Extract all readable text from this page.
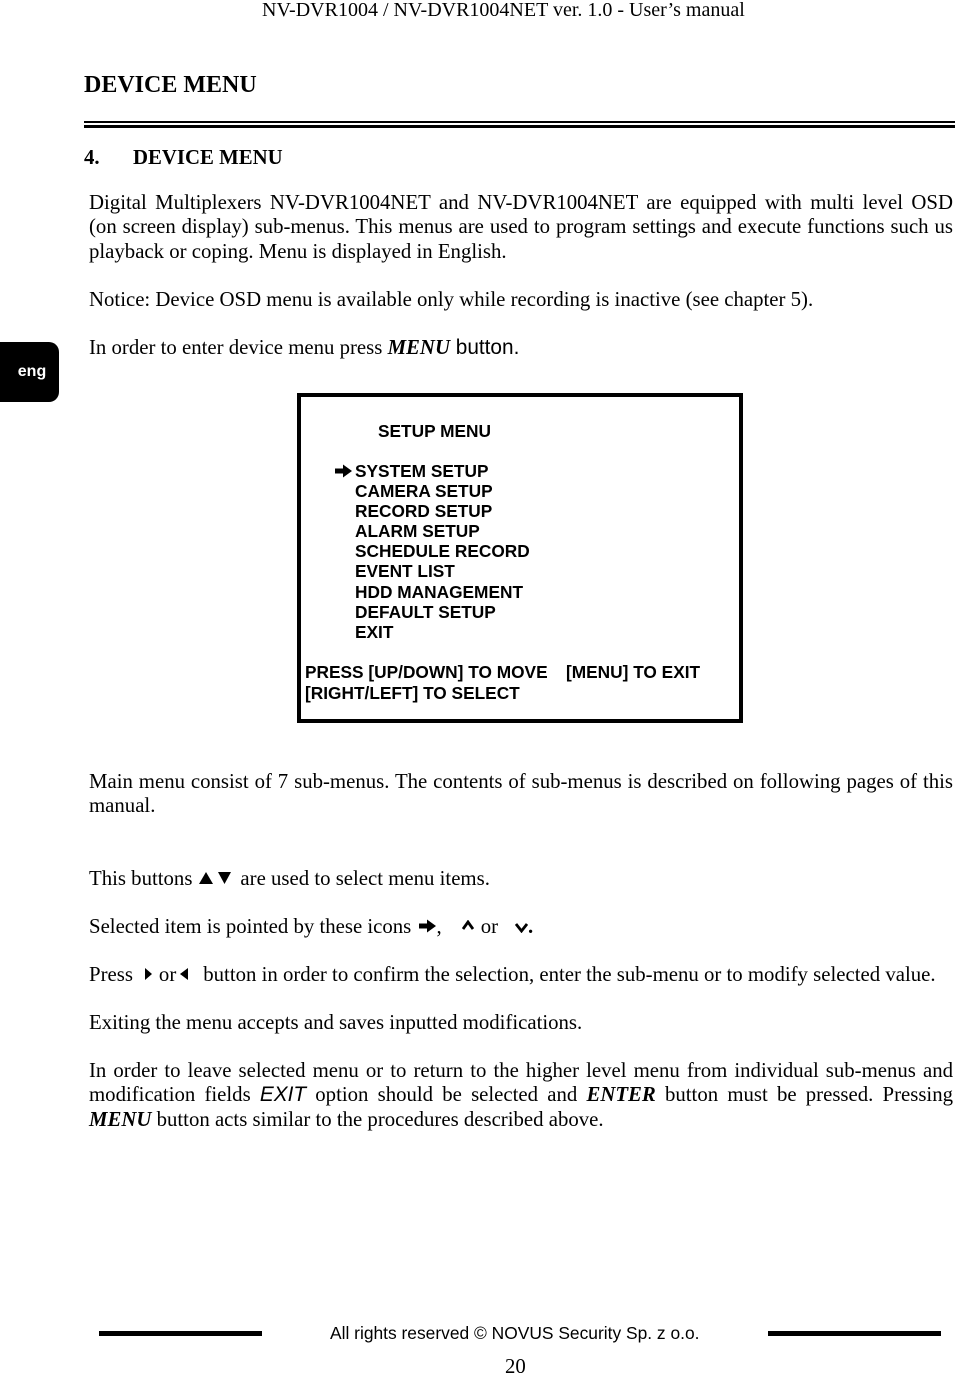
NV-DVR1004 / NV-DVR1004NET ver. 1.0 - User’s manual
DEVICE MENU
4. DEVICE MENU
eng
Digital Multiplexers NV-DVR1004NET and NV-DVR1004NET are equipped with multi level OSD (on screen display) sub-menus. This menus are used to program settings and execute functions such us playback or coping. Menu is displayed in English.
Notice: Device OSD menu is available only while recording is inactive (see chapter 5).
In order to enter device menu press MENU button.
SETUP MENU
SYSTEM SETUP
CAMERA SETUP
RECORD SETUP
ALARM SETUP
SCHEDULE RECORD
EVENT LIST
HDD MANAGEMENT
DEFAULT SETUP
EXIT
PRESS [UP/DOWN] TO MOVE [MENU] TO EXIT
[RIGHT/LEFT] TO SELECT
Main menu consist of 7 sub-menus. The contents of sub-menus is described on following pages of this manual.
This buttons are used to select menu items.
Selected item is pointed by these icons , or .
Press or button in order to confirm the selection, enter the sub-menu or to modify selected value.
Exiting the menu accepts and saves inputted modifications.
In order to leave selected menu or to return to the higher level menu from individual sub-menus and modification fields EXIT option should be selected and ENTER button must be pressed. Pressing MENU button acts similar to the procedures described above.
All rights reserved © NOVUS Security Sp. z o.o.
20
